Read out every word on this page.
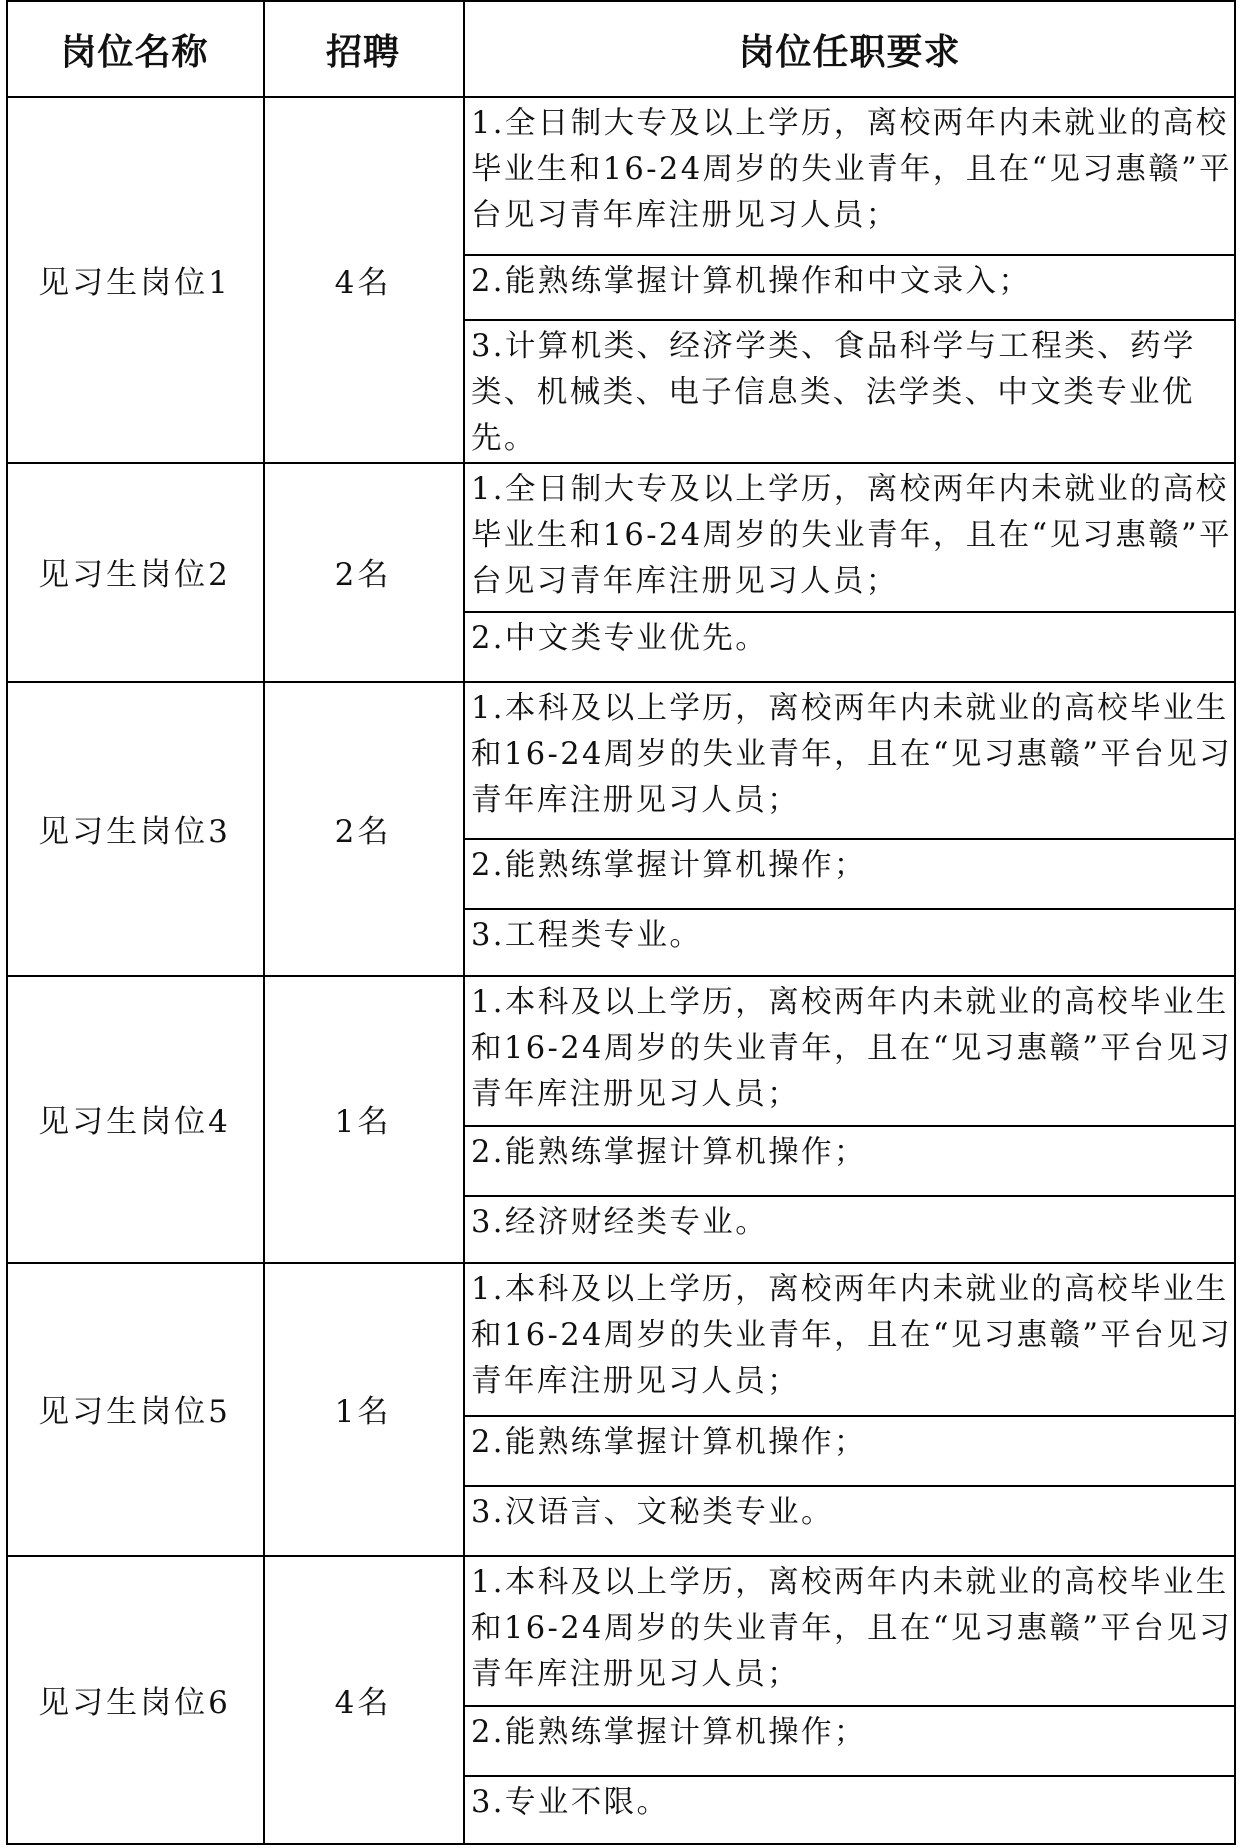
岗位名称	招聘	岗位任职要求
见习生岗位1	4名
1.全日制大专及以上学历，离校两年内未就业的高校毕业生和16-24周岁的失业青年，且在“见习惠赣”平台见习青年库注册见习人员；
2.能熟练掌握计算机操作和中文录入；
3.计算机类、经济学类、食品科学与工程类、药学类、机械类、电子信息类、法学类、中文类专业优先。
见习生岗位2	2名
1.全日制大专及以上学历，离校两年内未就业的高校毕业生和16-24周岁的失业青年，且在“见习惠赣”平台见习青年库注册见习人员；
2.中文类专业优先。
见习生岗位3	2名
1.本科及以上学历，离校两年内未就业的高校毕业生和16-24周岁的失业青年，且在“见习惠赣”平台见习青年库注册见习人员；
2.能熟练掌握计算机操作；
3.工程类专业。
见习生岗位4	1名
1.本科及以上学历，离校两年内未就业的高校毕业生和16-24周岁的失业青年，且在“见习惠赣”平台见习青年库注册见习人员；
2.能熟练掌握计算机操作；
3.经济财经类专业。
见习生岗位5	1名
1.本科及以上学历，离校两年内未就业的高校毕业生和16-24周岁的失业青年，且在“见习惠赣”平台见习青年库注册见习人员；
2.能熟练掌握计算机操作；
3.汉语言、文秘类专业。
见习生岗位6	4名
1.本科及以上学历，离校两年内未就业的高校毕业生和16-24周岁的失业青年，且在“见习惠赣”平台见习青年库注册见习人员；
2.能熟练掌握计算机操作；
3.专业不限。
